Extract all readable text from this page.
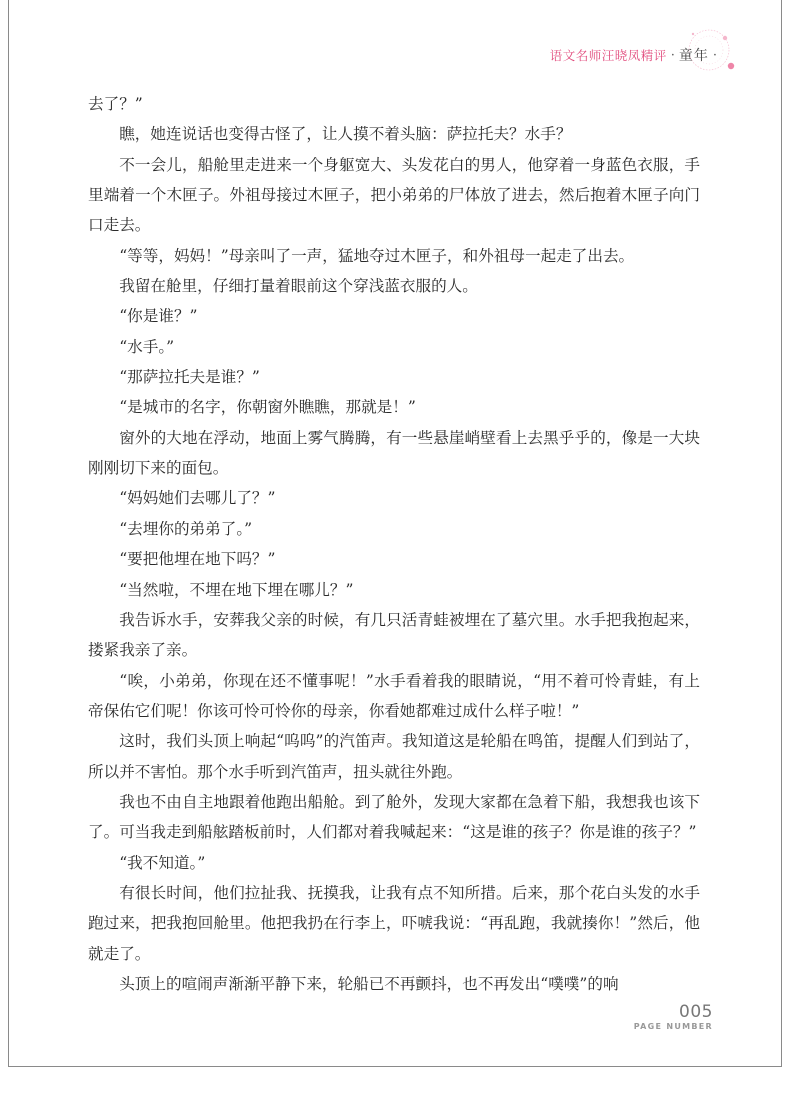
语文名师汪晓凤精评 · 童年 ·

去了？”

瞧，她连说话也变得古怪了，让人摸不着头脑：萨拉托夫？水手？

不一会儿，船舱里走进来一个身躯宽大、头发花白的男人，他穿着一身蓝色衣服，手里端着一个木匣子。外祖母接过木匣子，把小弟弟的尸体放了进去，然后抱着木匣子向门口走去。

“等等，妈妈！”母亲叫了一声，猛地夺过木匣子，和外祖母一起走了出去。

我留在舱里，仔细打量着眼前这个穿浅蓝衣服的人。

“你是谁？”

“水手。”

“那萨拉托夫是谁？”

“是城市的名字，你朝窗外瞧瞧，那就是！”

窗外的大地在浮动，地面上雾气腾腾，有一些悬崖峭壁看上去黑乎乎的，像是一大块刚刚切下来的面包。

“妈妈她们去哪儿了？”

“去埋你的弟弟了。”

“要把他埋在地下吗？”

“当然啦，不埋在地下埋在哪儿？”

我告诉水手，安葬我父亲的时候，有几只活青蛙被埋在了墓穴里。水手把我抱起来，搂紧我亲了亲。

“唉，小弟弟，你现在还不懂事呢！”水手看着我的眼睛说，“用不着可怜青蛙，有上帝保佑它们呢！你该可怜可怜你的母亲，你看她都难过成什么样子啦！”

这时，我们头顶上响起“呜呜”的汽笛声。我知道这是轮船在鸣笛，提醒人们到站了，所以并不害怕。那个水手听到汽笛声，扭头就往外跑。

我也不由自主地跟着他跑出船舱。到了舱外，发现大家都在急着下船，我想我也该下了。可当我走到船舷踏板前时，人们都对着我喊起来：“这是谁的孩子？你是谁的孩子？”

“我不知道。”

有很长时间，他们拉扯我、抚摸我，让我有点不知所措。后来，那个花白头发的水手跑过来，把我抱回舱里。他把我扔在行李上，吓唬我说：“再乱跑，我就揍你！”然后，他就走了。

头顶上的喧闹声渐渐平静下来，轮船已不再颤抖，也不再发出“噗噗”的响

005
PAGE NUMBER
